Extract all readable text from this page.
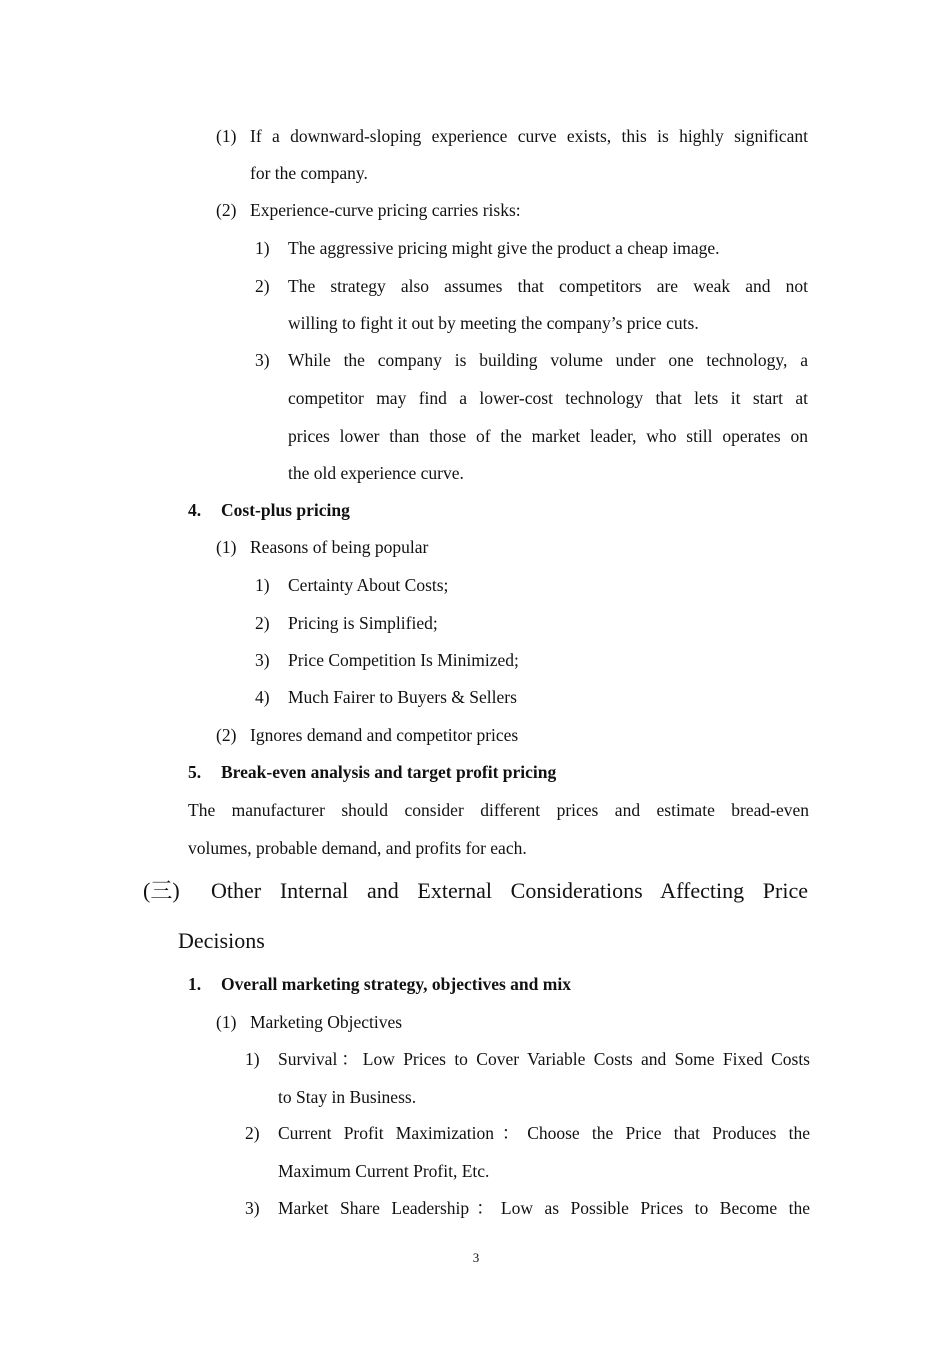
(1) If a downward-sloping experience curve exists, this is highly significant
for the company.
(2) Experience-curve pricing carries risks:
1) The aggressive pricing might give the product a cheap image.
2) The strategy also assumes that competitors are weak and not
willing to fight it out by meeting the company’s price cuts.
3) While the company is building volume under one technology, a
competitor may find a lower-cost technology that lets it start at
prices lower than those of the market leader, who still operates on
the old experience curve.
4. Cost-plus pricing
(1) Reasons of being popular
1) Certainty About Costs;
2) Pricing is Simplified;
3) Price Competition Is Minimized;
4) Much Fairer to Buyers & Sellers
(2) Ignores demand and competitor prices
5. Break-even analysis and target profit pricing
The manufacturer should consider different prices and estimate bread-even
volumes, probable demand, and profits for each.
(三) Other Internal and External Considerations Affecting Price
Decisions
1. Overall marketing strategy, objectives and mix
(1) Marketing Objectives
1) Survival：Low Prices to Cover Variable Costs and Some Fixed Costs
to Stay in Business.
2) Current Profit Maximization：Choose the Price that Produces the
Maximum Current Profit, Etc.
3) Market Share Leadership：Low as Possible Prices to Become the
3
